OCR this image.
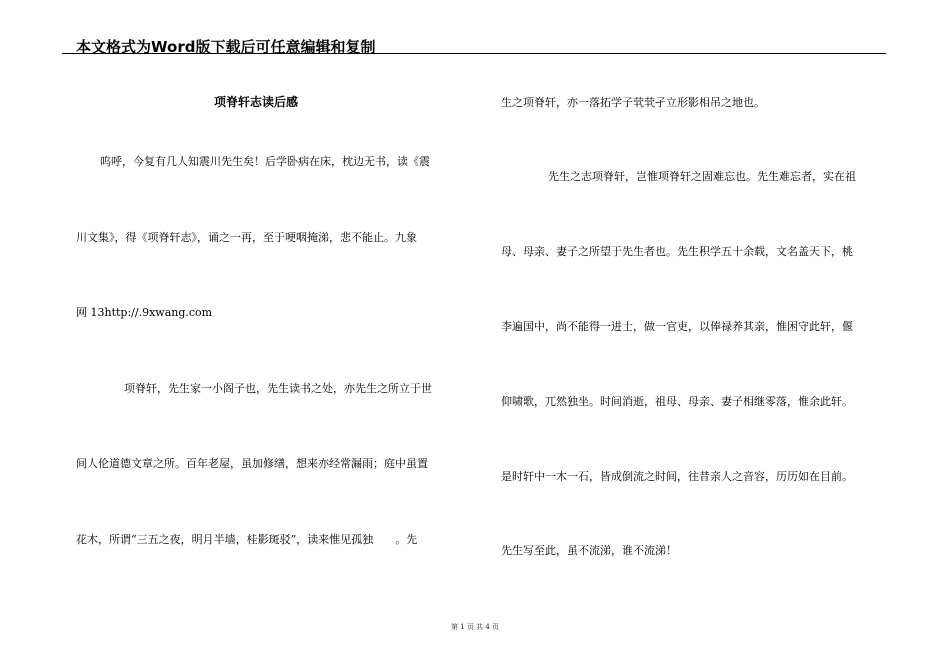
本文格式为Word版下载后可任意编辑和复制
项脊轩志读后感
呜呼，今复有几人知震川先生矣！后学卧病在床，枕边无书，读《震
川文集》，得《项脊轩志》，诵之一再，至于哽咽掩涕，悲不能止。九象
网 13http://.9xwang.com
项脊轩，先生家一小阁子也，先生读书之处，亦先生之所立于世
间人伦道德文章之所。百年老屋，虽加修缮，想来亦经常漏雨；庭中虽置
花木，所谓“三五之夜，明月半墙，桂影斑驳”，读来惟见孤独　　。先
生之项脊轩，亦一落拓学子茕茕孑立形影相吊之地也。
先生之志项脊轩，岂惟项脊轩之固难忘也。先生难忘者，实在祖
母、母亲、妻子之所望于先生者也。先生积学五十余载，文名盖天下，桃
李遍国中，尚不能得一进士，做一官吏，以俸禄养其亲，惟困守此轩，偃
仰啸歌，兀然独坐。时间消逝，祖母、母亲、妻子相继零落，惟余此轩。
是时轩中一木一石，皆成倒流之时间，往昔亲人之音容，历历如在目前。
先生写至此，虽不流涕，谁不流涕！
第 1 页 共 4 页
